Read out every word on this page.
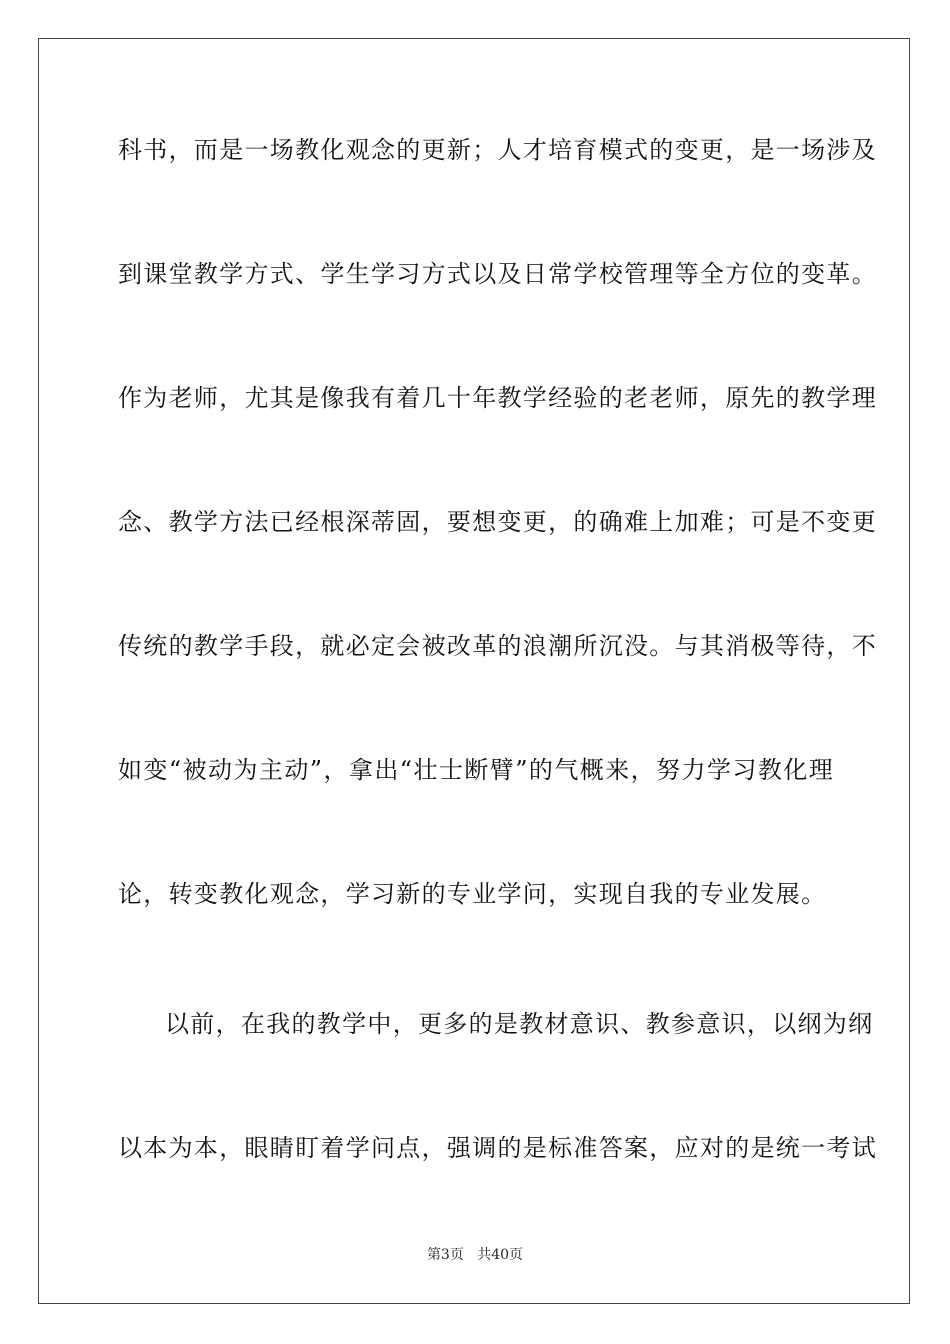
科书，而是一场教化观念的更新；人才培育模式的变更，是一场涉及
到课堂教学方式、学生学习方式以及日常学校管理等全方位的变革。
作为老师，尤其是像我有着几十年教学经验的老老师，原先的教学理
念、教学方法已经根深蒂固，要想变更，的确难上加难；可是不变更
传统的教学手段，就必定会被改革的浪潮所沉没。与其消极等待，不
如变“被动为主动”，拿出“壮士断臂”的气概来，努力学习教化理
论，转变教化观念，学习新的专业学问，实现自我的专业发展。
以前，在我的教学中，更多的是教材意识、教参意识，以纲为纲
以本为本，眼睛盯着学问点，强调的是标准答案，应对的是统一考试
第3页 共40页
